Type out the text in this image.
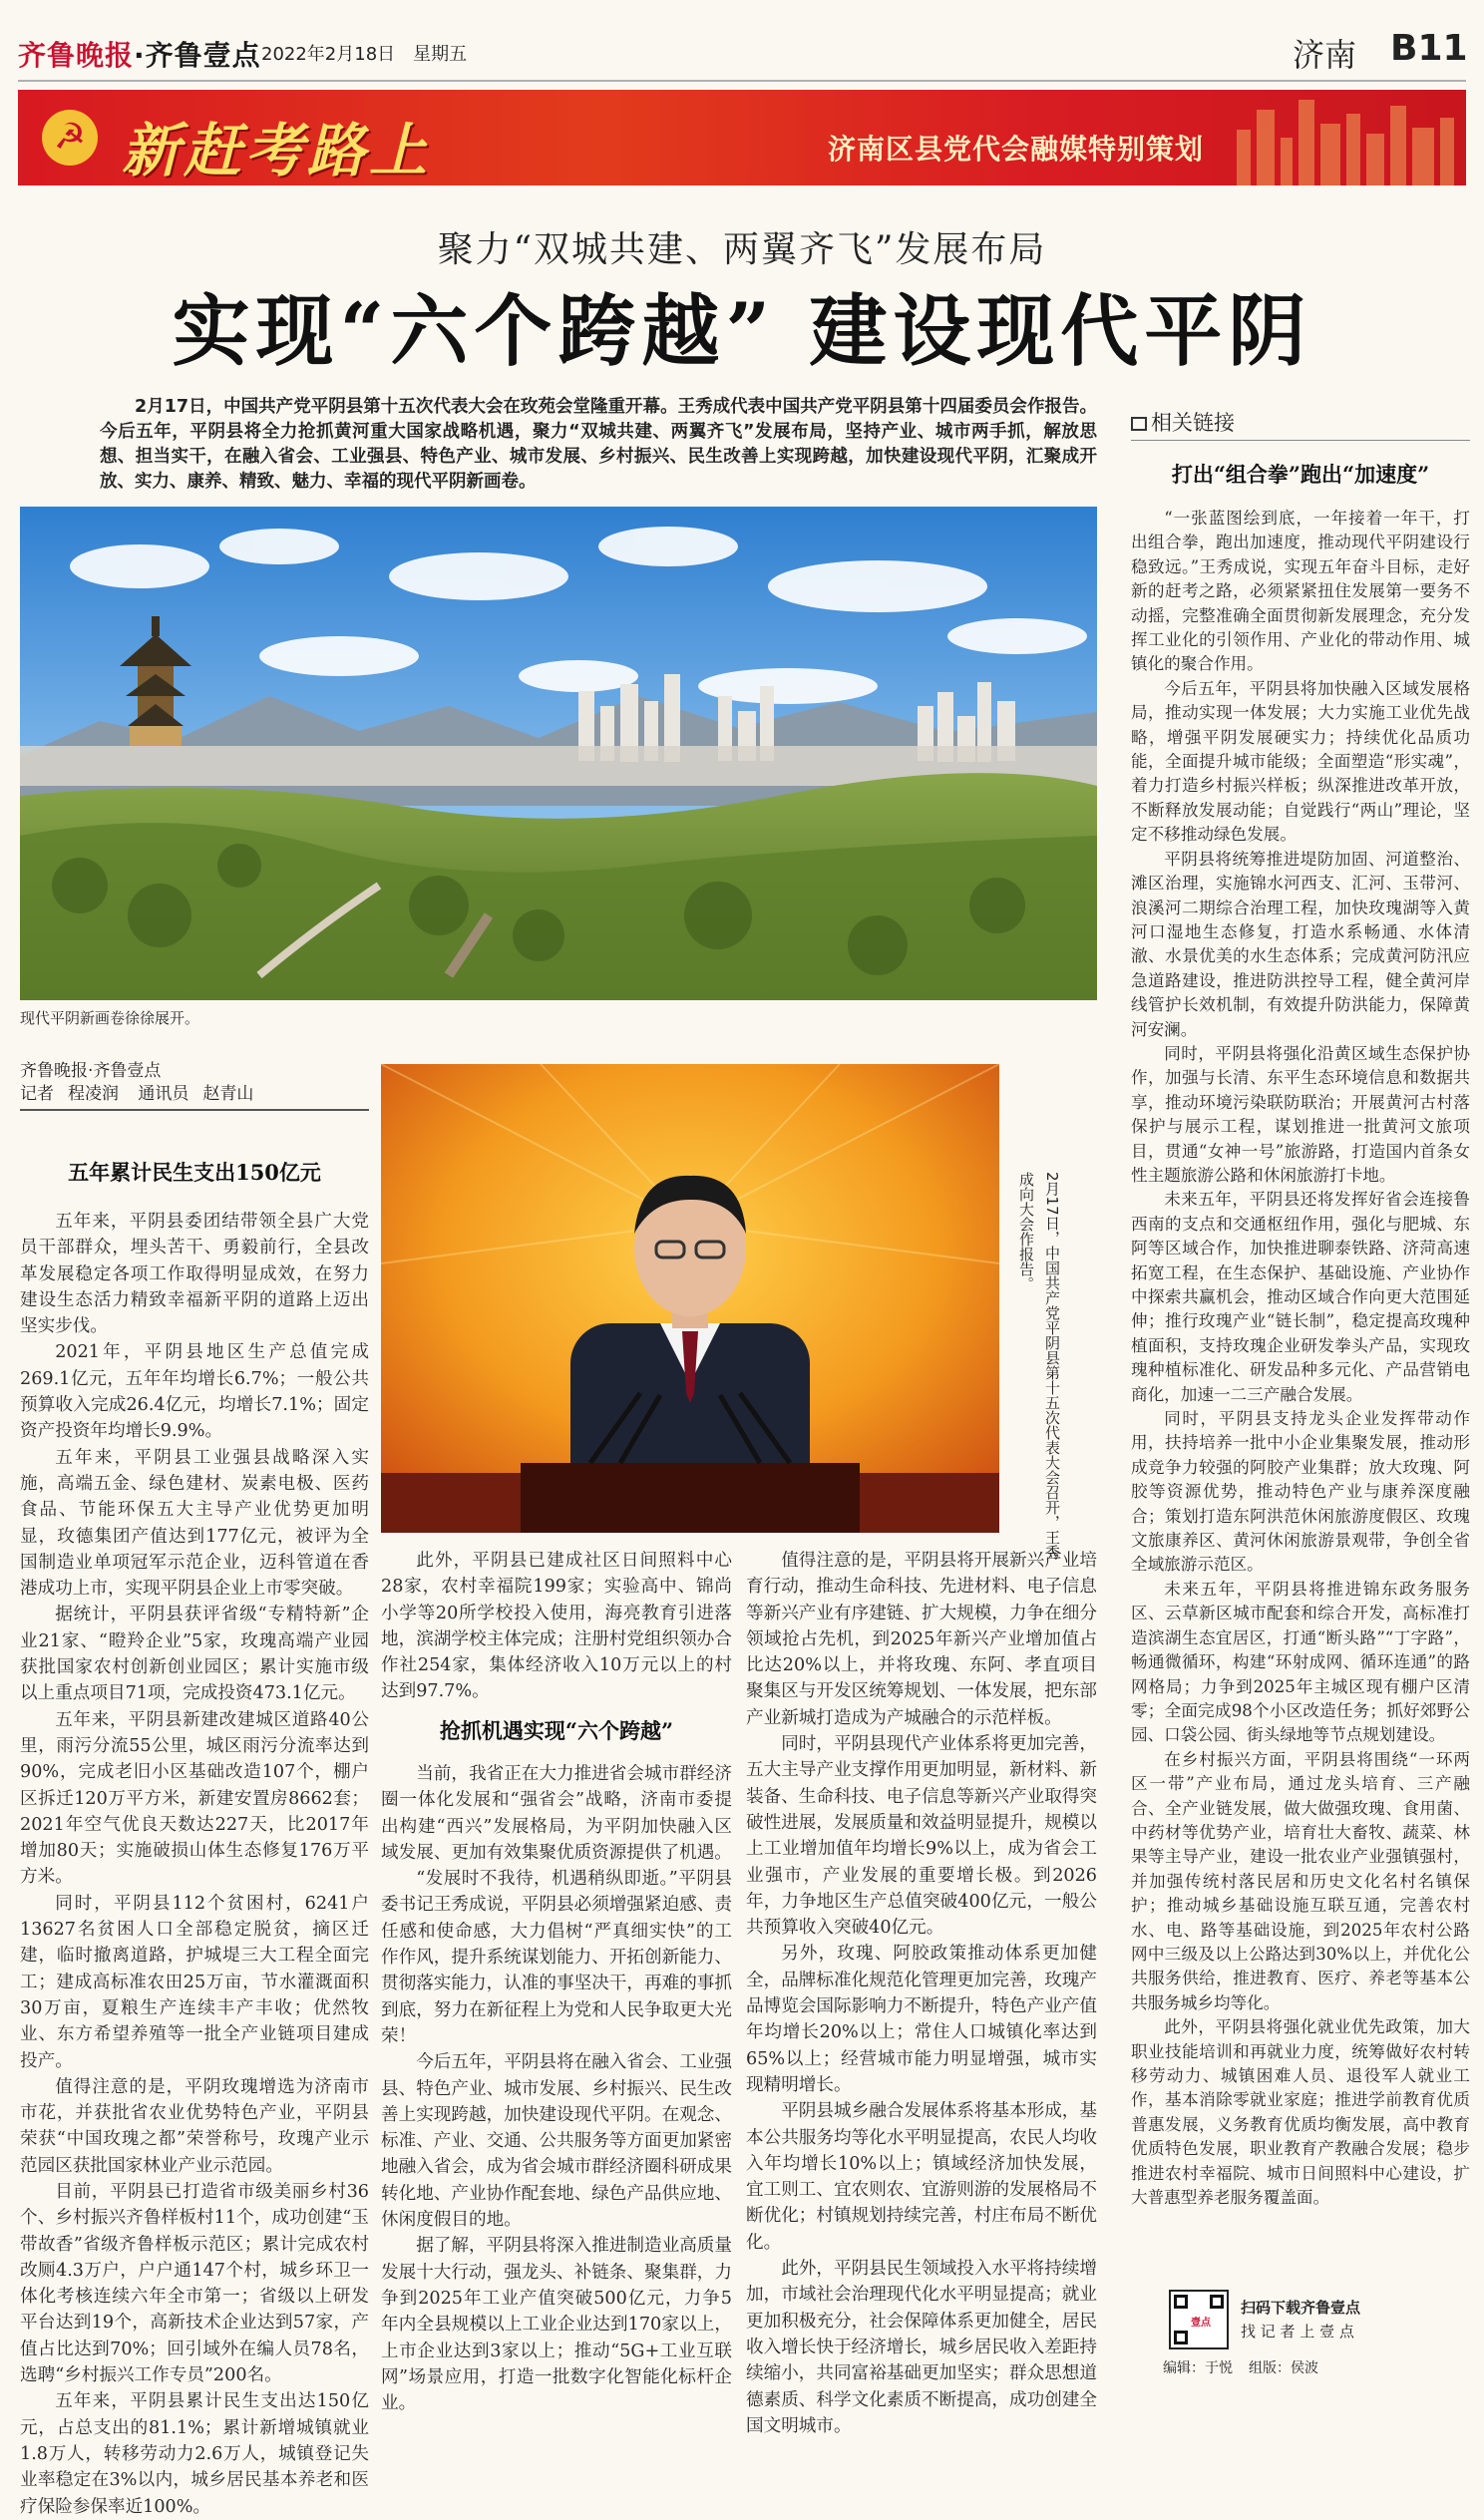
齐鲁晚报·齐鲁壹点 2022年2月18日 星期五	济南 B11
☭ 新赶考路上	济南区县党代会融媒特别策划
聚力“双城共建、两翼齐飞”发展布局
实现“六个跨越” 建设现代平阴
2月17日，中国共产党平阴县第十五次代表大会在玫苑会堂隆重开幕。王秀成代表中国共产党平阴县第十四届委员会作报告。今后五年，平阴县将全力抢抓黄河重大国家战略机遇，聚力“双城共建、两翼齐飞”发展布局，坚持产业、城市两手抓，解放思想、担当实干，在融入省会、工业强县、特色产业、城市发展、乡村振兴、民生改善上实现跨越，加快建设现代平阴，汇聚成开放、实力、康养、精致、魅力、幸福的现代平阴新画卷。
现代平阴新画卷徐徐展开。
齐鲁晚报·齐鲁壹点
记者 程凌润 通讯员 赵青山
五年累计民生支出150亿元

五年来，平阴县委团结带领全县广大党员干部群众，埋头苦干、勇毅前行，全县改革发展稳定各项工作取得明显成效，在努力建设生态活力精致幸福新平阴的道路上迈出坚实步伐。

2021年，平阴县地区生产总值完成269.1亿元，五年年均增长6.7%；一般公共预算收入完成26.4亿元，均增长7.1%；固定资产投资年均增长9.9%。

五年来，平阴县工业强县战略深入实施，高端五金、绿色建材、炭素电极、医药食品、节能环保五大主导产业优势更加明显，玫德集团产值达到177亿元，被评为全国制造业单项冠军示范企业，迈科管道在香港成功上市，实现平阴县企业上市零突破。

据统计，平阴县获评省级“专精特新”企业21家、“瞪羚企业”5家，玫瑰高端产业园获批国家农村创新创业园区；累计实施市级以上重点项目71项，完成投资473.1亿元。

五年来，平阴县新建改建城区道路40公里，雨污分流55公里，城区雨污分流率达到90%，完成老旧小区基础改造107个，棚户区拆迁120万平方米，新建安置房8662套；2021年空气优良天数达227天，比2017年增加80天；实施破损山体生态修复176万平方米。

同时，平阴县112个贫困村，6241户13627名贫困人口全部稳定脱贫，摘区迁建，临时撤离道路，护城堤三大工程全面完工；建成高标准农田25万亩，节水灌溉面积30万亩，夏粮生产连续丰产丰收；优然牧业、东方希望养殖等一批全产业链项目建成投产。

值得注意的是，平阴玫瑰增选为济南市市花，并获批省农业优势特色产业，平阴县荣获“中国玫瑰之都”荣誉称号，玫瑰产业示范园区获批国家林业产业示范园。

目前，平阴县已打造省市级美丽乡村36个、乡村振兴齐鲁样板村11个，成功创建“玉带故香”省级齐鲁样板示范区；累计完成农村改厕4.3万户，户户通147个村，城乡环卫一体化考核连续六年全市第一；省级以上研发平台达到19个，高新技术企业达到57家，产值占比达到70%；回引域外在编人员78名，选聘“乡村振兴工作专员”200名。

五年来，平阴县累计民生支出达150亿元，占总支出的81.1%；累计新增城镇就业1.8万人，转移劳动力2.6万人，城镇登记失业率稳定在3%以内，城乡居民基本养老和医疗保险参保率近100%。

2月17日，中国共产党平阴县第十五次代表大会召开，王秀成向大会作报告。

此外，平阴县已建成社区日间照料中心28家，农村幸福院199家；实验高中、锦尚小学等20所学校投入使用，海亮教育引进落地，滨湖学校主体完成；注册村党组织领办合作社254家，集体经济收入10万元以上的村达到97.7%。

抢抓机遇实现“六个跨越”

当前，我省正在大力推进省会城市群经济圈一体化发展和“强省会”战略，济南市委提出构建“西兴”发展格局，为平阴加快融入区域发展、更加有效集聚优质资源提供了机遇。

“发展时不我待，机遇稍纵即逝。”平阴县委书记王秀成说，平阴县必须增强紧迫感、责任感和使命感，大力倡树“严真细实快”的工作作风，提升系统谋划能力、开拓创新能力、贯彻落实能力，认准的事坚决干，再难的事抓到底，努力在新征程上为党和人民争取更大光荣！

今后五年，平阴县将在融入省会、工业强县、特色产业、城市发展、乡村振兴、民生改善上实现跨越，加快建设现代平阴。在观念、标准、产业、交通、公共服务等方面更加紧密地融入省会，成为省会城市群经济圈科研成果转化地、产业协作配套地、绿色产品供应地、休闲度假目的地。

据了解，平阴县将深入推进制造业高质量发展十大行动，强龙头、补链条、聚集群，力争到2025年工业产值突破500亿元，力争5年内全县规模以上工业企业达到170家以上，上市企业达到3家以上；推动“5G+工业互联网”场景应用，打造一批数字化智能化标杆企业。

值得注意的是，平阴县将开展新兴产业培育行动，推动生命科技、先进材料、电子信息等新兴产业有序建链、扩大规模，力争在细分领域抢占先机，到2025年新兴产业增加值占比达20%以上，并将玫瑰、东阿、孝直项目聚集区与开发区统筹规划、一体发展，把东部产业新城打造成为产城融合的示范样板。

同时，平阴县现代产业体系将更加完善，五大主导产业支撑作用更加明显，新材料、新装备、生命科技、电子信息等新兴产业取得突破性进展，发展质量和效益明显提升，规模以上工业增加值年均增长9%以上，成为省会工业强市，产业发展的重要增长极。到2026年，力争地区生产总值突破400亿元，一般公共预算收入突破40亿元。

另外，玫瑰、阿胶政策推动体系更加健全，品牌标准化规范化管理更加完善，玫瑰产品博览会国际影响力不断提升，特色产业产值年均增长20%以上；常住人口城镇化率达到65%以上；经营城市能力明显增强，城市实现精明增长。

平阴县城乡融合发展体系将基本形成，基本公共服务均等化水平明显提高，农民人均收入年均增长10%以上；镇域经济加快发展，宜工则工、宜农则农、宜游则游的发展格局不断优化；村镇规划持续完善，村庄布局不断优化。

此外，平阴县民生领域投入水平将持续增加，市域社会治理现代化水平明显提高；就业更加积极充分，社会保障体系更加健全，居民收入增长快于经济增长，城乡居民收入差距持续缩小，共同富裕基础更加坚实；群众思想道德素质、科学文化素质不断提高，成功创建全国文明城市。

相关链接
打出“组合拳”跑出“加速度”

“一张蓝图绘到底，一年接着一年干，打出组合拳，跑出加速度，推动现代平阴建设行稳致远。”王秀成说，实现五年奋斗目标，走好新的赶考之路，必须紧紧扭住发展第一要务不动摇，完整准确全面贯彻新发展理念，充分发挥工业化的引领作用、产业化的带动作用、城镇化的聚合作用。

今后五年，平阴县将加快融入区域发展格局，推动实现一体发展；大力实施工业优先战略，增强平阴发展硬实力；持续优化品质功能，全面提升城市能级；全面塑造“形实魂”，着力打造乡村振兴样板；纵深推进改革开放，不断释放发展动能；自觉践行“两山”理论，坚定不移推动绿色发展。

平阴县将统筹推进堤防加固、河道整治、滩区治理，实施锦水河西支、汇河、玉带河、浪溪河二期综合治理工程，加快玫瑰湖等入黄河口湿地生态修复，打造水系畅通、水体清澈、水景优美的水生态体系；完成黄河防汛应急道路建设，推进防洪控导工程，健全黄河岸线管护长效机制，有效提升防洪能力，保障黄河安澜。

同时，平阴县将强化沿黄区域生态保护协作，加强与长清、东平生态环境信息和数据共享，推动环境污染联防联治；开展黄河古村落保护与展示工程，谋划推进一批黄河文旅项目，贯通“女神一号”旅游路，打造国内首条女性主题旅游公路和休闲旅游打卡地。

未来五年，平阴县还将发挥好省会连接鲁西南的支点和交通枢纽作用，强化与肥城、东阿等区域合作，加快推进聊泰铁路、济菏高速拓宽工程，在生态保护、基础设施、产业协作中探索共赢机会，推动区域合作向更大范围延伸；推行玫瑰产业“链长制”，稳定提高玫瑰种植面积，支持玫瑰企业研发拳头产品，实现玫瑰种植标准化、研发品种多元化、产品营销电商化，加速一二三产融合发展。

同时，平阴县支持龙头企业发挥带动作用，扶持培养一批中小企业集聚发展，推动形成竞争力较强的阿胶产业集群；放大玫瑰、阿胶等资源优势，推动特色产业与康养深度融合；策划打造东阿洪范休闲旅游度假区、玫瑰文旅康养区、黄河休闲旅游景观带，争创全省全域旅游示范区。

未来五年，平阴县将推进锦东政务服务区、云草新区城市配套和综合开发，高标准打造滨湖生态宜居区，打通“断头路”“丁字路”，畅通微循环，构建“环射成网、循环连通”的路网格局；力争到2025年主城区现有棚户区清零；全面完成98个小区改造任务；抓好郊野公园、口袋公园、街头绿地等节点规划建设。

在乡村振兴方面，平阴县将围绕“一环两区一带”产业布局，通过龙头培育、三产融合、全产业链发展，做大做强玫瑰、食用菌、中药材等优势产业，培育壮大畜牧、蔬菜、林果等主导产业，建设一批农业产业强镇强村，并加强传统村落民居和历史文化名村名镇保护；推动城乡基础设施互联互通，完善农村水、电、路等基础设施，到2025年农村公路网中三级及以上公路达到30%以上，并优化公共服务供给，推进教育、医疗、养老等基本公共服务城乡均等化。

此外，平阴县将强化就业优先政策，加大职业技能培训和再就业力度，统筹做好农村转移劳动力、城镇困难人员、退役军人就业工作，基本消除零就业家庭；推进学前教育优质普惠发展，义务教育优质均衡发展，高中教育优质特色发展，职业教育产教融合发展；稳步推进农村幸福院、城市日间照料中心建设，扩大普惠型养老服务覆盖面。

壹点
扫码下载齐鲁壹点
找 记 者 上 壹 点
编辑：于悦 组版：侯波
